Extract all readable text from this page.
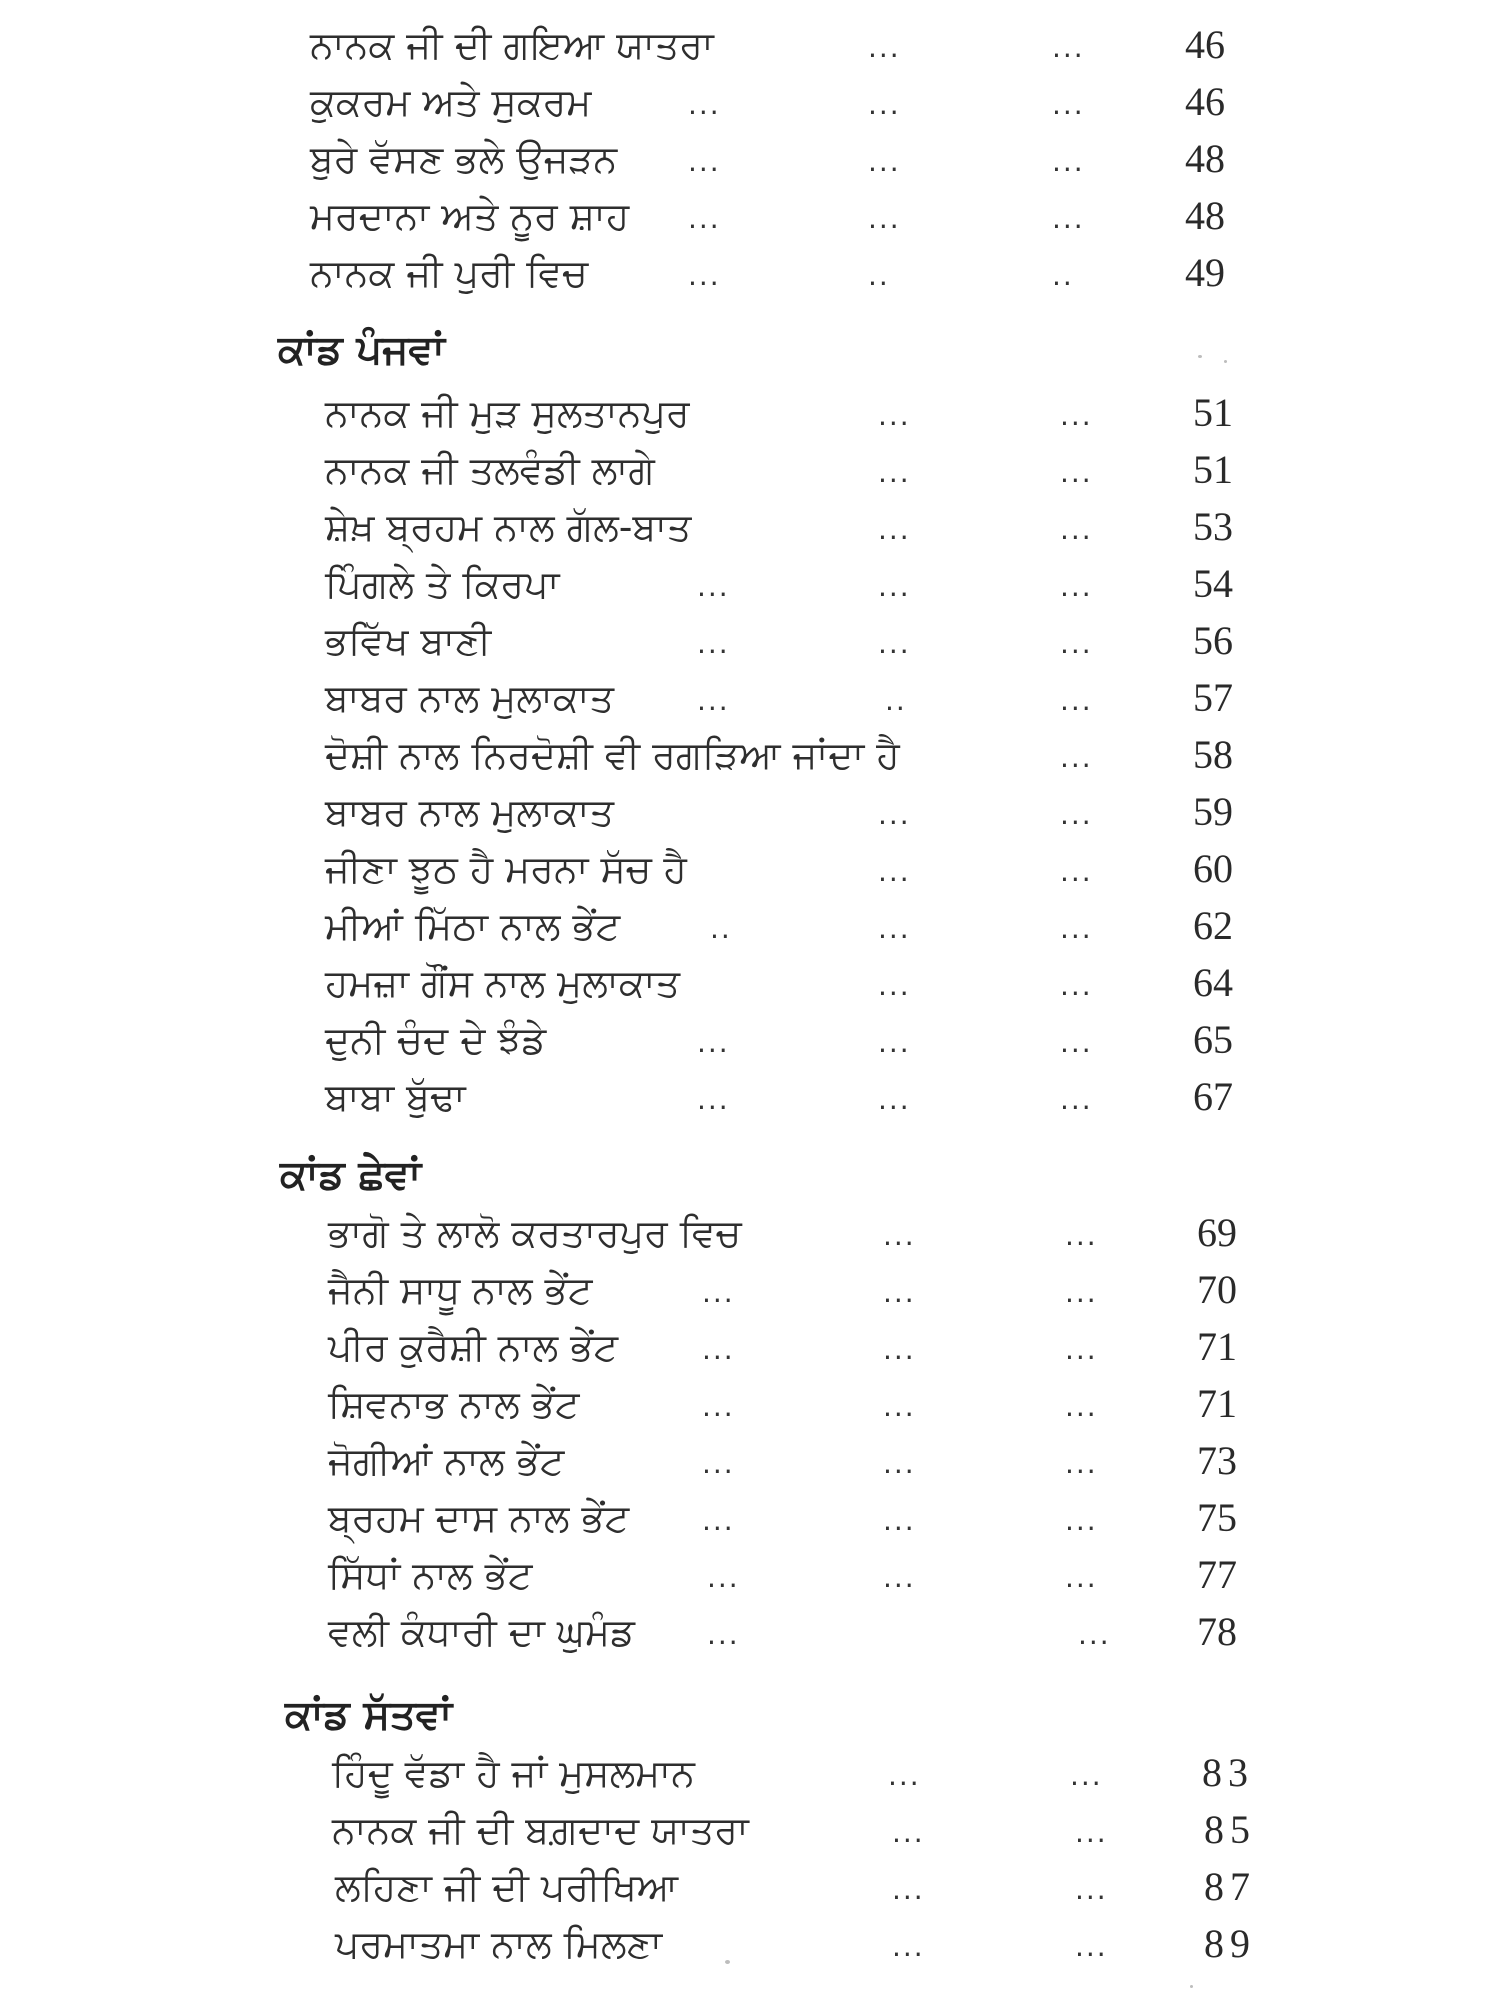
ਨਾਨਕ ਜੀ ਦੀ ਗਇਆ ਯਾਤਰਾ	...	...	46
ਕੁਕਰਮ ਅਤੇ ਸੁਕਰਮ	...	...	...	46
ਬੁਰੇ ਵੱਸਣ ਭਲੇ ਉਜੜਨ	...	...	...	48
ਮਰਦਾਨਾ ਅਤੇ ਨੂਰ ਸ਼ਾਹ ...	...	...	48
ਨਾਨਕ ਜੀ ਪੁਰੀ ਵਿਚ	...	..	..	49
ਕਾਂਡ ਪੰਜਵਾਂ
ਨਾਨਕ ਜੀ ਮੁੜ ਸੁਲਤਾਨਪੁਰ	...	...	51
ਨਾਨਕ ਜੀ ਤਲਵੰਡੀ ਲਾਗੇ	...	...	51
ਸ਼ੇਖ਼ ਬ੍ਰਹਮ ਨਾਲ ਗੱਲ-ਬਾਤ	...	...	53
ਪਿੰਗਲੇ ਤੇ ਕਿਰਪਾ	...	...	...	54
ਭਵਿੱਖ ਬਾਣੀ	...	...	...	56
ਬਾਬਰ ਨਾਲ ਮੁਲਾਕਾਤ	...	..	...	57
ਦੋਸ਼ੀ ਨਾਲ ਨਿਰਦੋਸ਼ੀ ਵੀ ਰਗੜਿਆ ਜਾਂਦਾ ਹੈ	...	58
ਬਾਬਰ ਨਾਲ ਮੁਲਾਕਾਤ	...	...	59
ਜੀਣਾ ਝੂਠ ਹੈ ਮਰਨਾ ਸੱਚ ਹੈ	...	...	60
ਮੀਆਂ ਮਿੱਠਾ ਨਾਲ ਭੇਂਟ	..	...	...	62
ਹਮਜ਼ਾ ਗੌਂਸ ਨਾਲ ਮੁਲਾਕਾਤ	...	...	64
ਦੁਨੀ ਚੰਦ ਦੇ ਝੰਡੇ	...	...	...	65
ਬਾਬਾ ਬੁੱਢਾ	...	...	...	67
ਕਾਂਡ ਛੇਵਾਂ
ਭਾਗੋ ਤੇ ਲਾਲੋ ਕਰਤਾਰਪੁਰ ਵਿਚ	...	... 69
ਜੈਨੀ ਸਾਧੂ ਨਾਲ ਭੇਂਟ	...	...	... 70
ਪੀਰ ਕੁਰੈਸ਼ੀ ਨਾਲ ਭੇਂਟ	...	...	... 71
ਸ਼ਿਵਨਾਭ ਨਾਲ ਭੇਂਟ	...	...	... 71
ਜੋਗੀਆਂ ਨਾਲ ਭੇਂਟ	...	...	... 73
ਬ੍ਰਹਮ ਦਾਸ ਨਾਲ ਭੇਂਟ	...	...	... 75
ਸਿੱਧਾਂ ਨਾਲ ਭੇਂਟ	...	...	... 77
ਵਲੀ ਕੰਧਾਰੀ ਦਾ ਘੁਮੰਡ	...	... 78
ਕਾਂਡ ਸੱਤਵਾਂ
ਹਿੰਦੂ ਵੱਡਾ ਹੈ ਜਾਂ ਮੁਸਲਮਾਨ	...	... 83
ਨਾਨਕ ਜੀ ਦੀ ਬਗ਼ਦਾਦ ਯਾਤਰਾ	...	... 85
ਲਹਿਣਾ ਜੀ ਦੀ ਪਰੀਖਿਆ	...	... 87
ਪਰਮਾਤਮਾ ਨਾਲ ਮਿਲਣਾ	...	... 89
